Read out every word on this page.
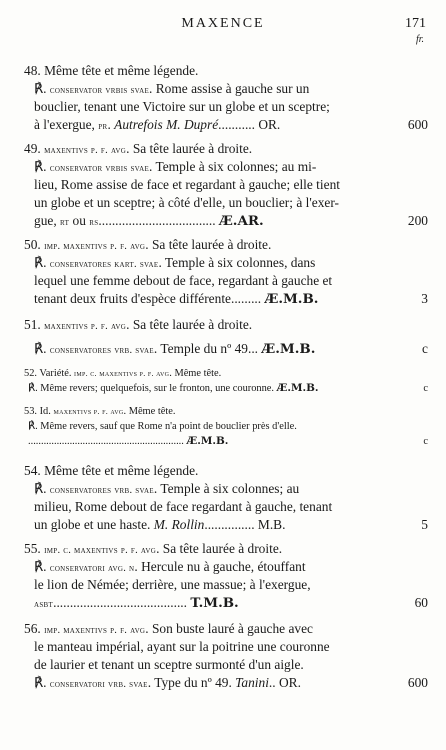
MAXENCE	171
fr.
48. Même tête et même légende.
℟. conservator vrbis svae. Rome assise à gauche sur un
bouclier, tenant une Victoire sur un globe et un sceptre;
à l'exergue, pr. Autrefois M. Dupré........... OR.	600
49. maxentivs p. f. avg. Sa tête laurée à droite.
℟. conservator vrbis svae. Temple à six colonnes; au mi-
lieu, Rome assise de face et regardant à gauche; elle tient
un globe et un sceptre; à côté d'elle, un bouclier; à l'exer-
gue, rt ou rs................................... Æ.AR.	200
50. imp. maxentivs p. f. avg. Sa tête laurée à droite.
℟. conservatores kart. svae. Temple à six colonnes, dans
lequel une femme debout de face, regardant à gauche et
tenant deux fruits d'espèce différente......... Æ.M.B.	3
51. maxentivs p. f. avg. Sa tête laurée à droite.
℟. conservatores vrb. svae. Temple du nº 49... Æ.M.B.	c
52. Variété. imp. c. maxentivs p. f. avg. Même tête.
℟. Même revers; quelquefois, sur le fronton, une couronne. Æ.M.B.	c
53. Id. maxentivs p. f. avg. Même tête.
℟. Même revers, sauf que Rome n'a point de bouclier près d'elle.
............................................................ Æ.M.B.	c
54. Même tête et même légende.
℟. conservatores vrb. svae. Temple à six colonnes; au
milieu, Rome debout de face regardant à gauche, tenant
un globe et une haste. M. Rollin............... M.B.	5
55. imp. c. maxentivs p. f. avg. Sa tête laurée à droite.
℟. conservatori avg. n. Hercule nu à gauche, étouffant
le lion de Némée; derrière, une massue; à l'exergue,
asbt........................................ T.M.B.	60
56. imp. maxentivs p. f. avg. Son buste lauré à gauche avec
le manteau impérial, ayant sur la poitrine une couronne
de laurier et tenant un sceptre surmonté d'un aigle.
℟. conservatori vrb. svae. Type du nº 49. Tanini.. OR.	600
